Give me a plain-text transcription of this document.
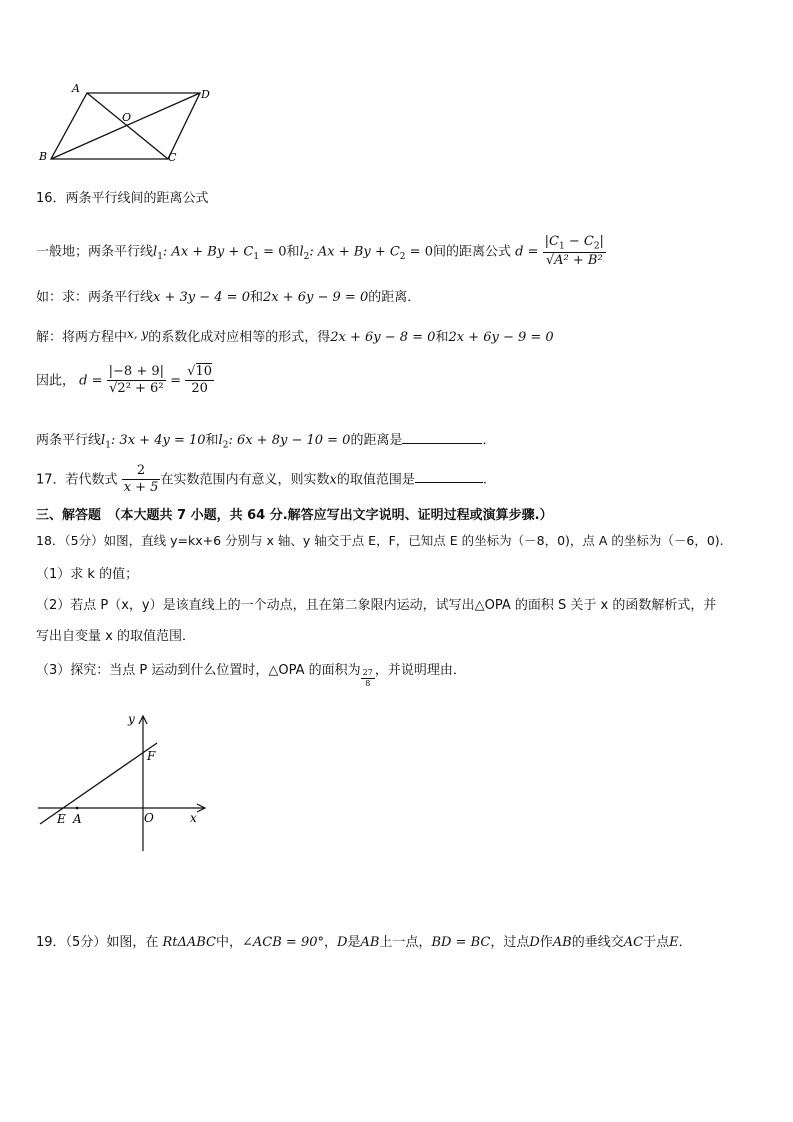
A	D
O
B	C
16．两条平行线间的距离公式
一般地；两条平行线$l_1$: $Ax + By + C_1 = 0$和$l_2$: $Ax + By + C_2 = 0$间的距离公式 $d = \frac{|C_1 - C_2|}{\text{√A² + B²}}$
如：求：两条平行线x + 3y − 4 = 0和2x + 6y − 9 = 0的距离．
解：将两方程中x, y的系数化成对应相等的形式，得2x + 6y − 8 = 0和2x + 6y − 9 = 0
因此， $d = \frac{|-8 + 9|}{\text{√2² + 6²}} = \frac{√10}{20}$
两条平行线$l_1$: 3x + 4y = 10和$l_2$: 6x + 8y − 10 = 0的距离是	．
17．若代数式 $\frac{2}{x + 5}$ 在实数范围内有意义，则实数x的取值范围是	.
三、解答题　（本大题共 7 小题，共 64 分.解答应写出文字说明、证明过程或演算步骤.）
18．（5分）如图，直线 y=kx+6 分别与 x 轴、y 轴交于点 E，F，已知点 E 的坐标为（－8，0)，点 A 的坐标为（－6，0).
（1）求 k 的值；
（2）若点 P（x，y）是该直线上的一个动点，且在第二象限内运动，试写出△OPA 的面积 S 关于 x 的函数解析式，并
写出自变量 x 的取值范围．
（3）探究：当点 P 运动到什么位置时，△OPA 的面积为 $\frac{27}{8}$ ，并说明理由．
y
F
E A	O	x
19．（5分）如图，在 RtΔABC中，∠ACB = 90°，D是AB上一点，BD = BC，过点D作AB的垂线交AC于点E．
